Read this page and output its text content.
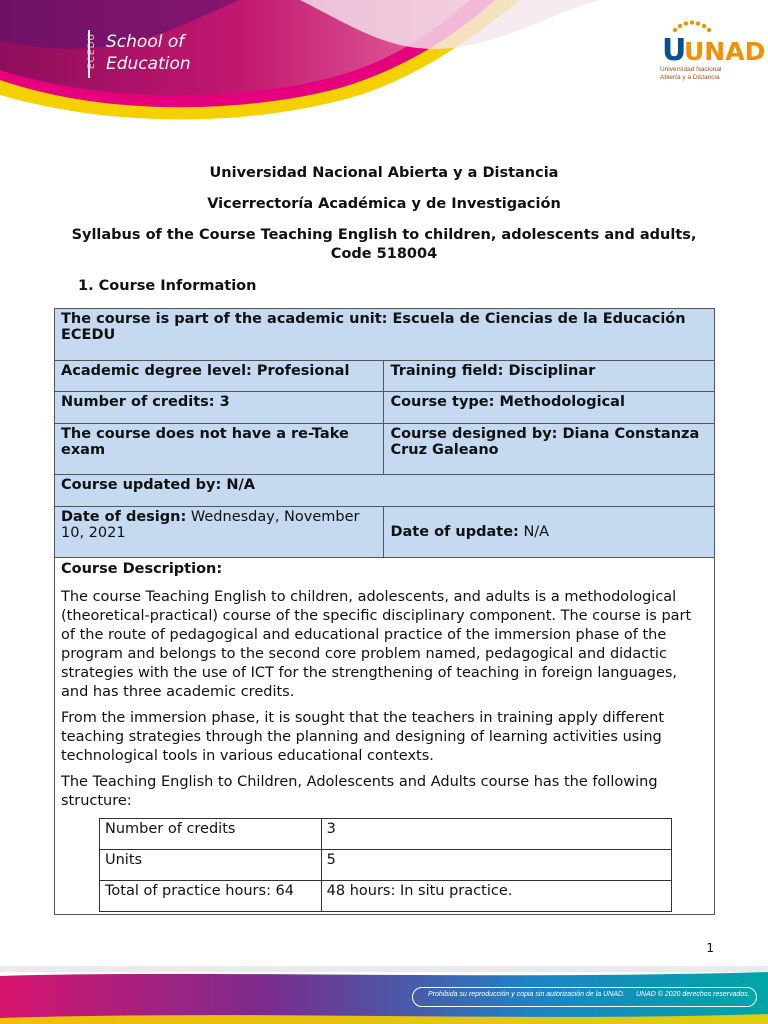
ECEDU School of
Education	U
UNAD
Universidad Nacional
Abierta y a Distancia
Universidad Nacional Abierta y a Distancia
Vicerrectoría Académica y de Investigación
Syllabus of the Course Teaching English to children, adolescents and adults,
Code 518004
1. Course Information
The course is part of the academic unit: Escuela de Ciencias de la Educación ECEDU
Academic degree level: Profesional	Training field: Disciplinar
Number of credits: 3	Course type: Methodological
The course does not have a re-Take exam	Course designed by: Diana Constanza Cruz Galeano
Course updated by: N/A
Date of design: Wednesday, November 10, 2021	Date of update: N/A

Course Description:

The course Teaching English to children, adolescents, and adults is a methodological (theoretical-practical) course of the specific disciplinary component. The course is part of the route of pedagogical and educational practice of the immersion phase of the program and belongs to the second core problem named, pedagogical and didactic strategies with the use of ICT for the strengthening of teaching in foreign languages, and has three academic credits.

From the immersion phase, it is sought that the teachers in training apply different teaching strategies through the planning and designing of learning activities using technological tools in various educational contexts.

The Teaching English to Children, Adolescents and Adults course has the following structure:

Number of credits	3
Units	5
Total of practice hours: 64	48 hours: In situ practice.
1
Prohibida su reproducción y copia sin autorización de la UNAD. UNAD © 2020 derechos reservados.
